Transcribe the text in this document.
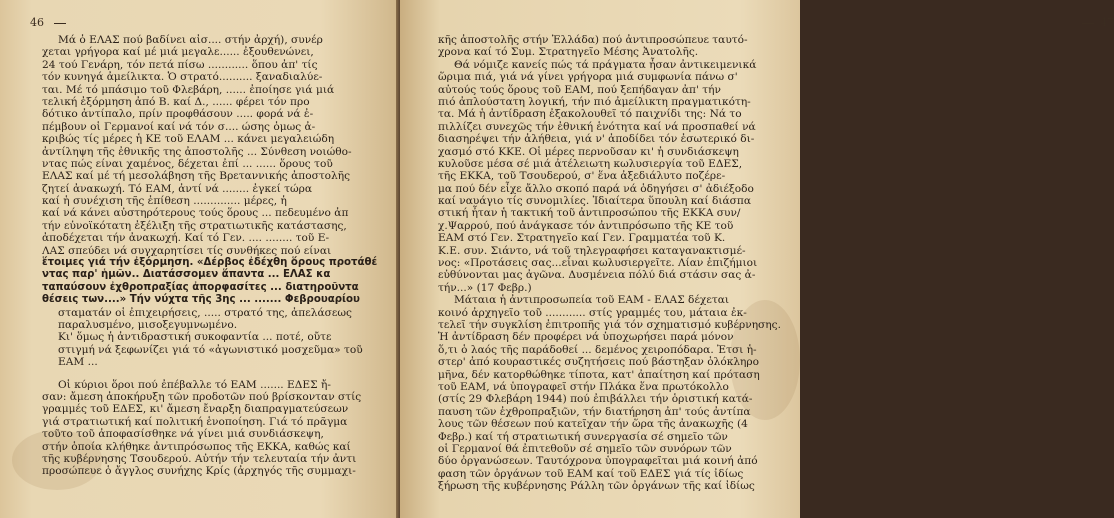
46
Μά ὁ ΕΛΑΣ πού βαδίνει αἰσ.... στήν ἀρχή), συνέρ
χεται γρήγορα καί μέ μιά μεγαλε...... ἐξουθενώνει,
24 τού Γενάρη, τόν πετά πίσω ............ ὅπου ἀπ' τίς
τόν κυνηγά ἀμείλικτα. Ὁ στρατό.......... ξαναδιαλύε-
ται. Μέ τό μπάσιμο τοῦ Φλεβάρη, ...... ἐποίησε γιά μιά
τελική ἐξόρμηση ἀπό Β. καί Δ., ...... φέρει τόν προ
δότικο ἀντίπαλο, πρίν προφθάσουν ..... φορά νά ἐ-
πέμβουν οἱ Γερμανοί καί νά τόν σ.... ώσης ὁμως ἀ-
κριβώς τίς μέρες ἡ ΚΕ τοῦ ΕΛΑΜ ... κάνει μεγαλειώδη
ἀντίληψη τῆς ἐθνικῆς της ἀποστολῆς ... Σύνθεση νοιώθο-
ντας πώς είναι χαμένος, δέχεται ἐπί ... ...... ὅρους τοῦ
ΕΛΑΣ καί μέ τή μεσολάβηση τῆς Βρεταννικής ἀποστολῆς
ζητεί ἀνακωχή. Τό ΕΑΜ, ἀντί νά ........ ἐγκεί τώρα
καί ἡ συνέχιση τῆς ἐπίθεση .............. μέρες, ἡ
καί νά κάνει αὐστηρότερους τούς ὅρους ... πεδευμένο ἀπ
τήν εὐνοϊκότατη ἐξέλιξη τῆς στρατιωτικῆς κατάστασης,
ἀποδέχεται τήν ἀνακωχή. Καί τό Γεν. .... ........ τοῦ Ε-
ΛΑΣ σπεύδει νά συγχαρητίσει τίς συνθήκες πού είναι
ἕτοιμες γιά τήν ἐξόρμηση. «Δέρβος ἐδέχθη ὅρους προτάθέ
ντας παρ' ἡμῶν.. Διατάσσομεν ἅπαντα ... ΕΛΑΣ κα
ταπαύσουν ἐχθροπραξίας ἀπορφασίτες ... διατηροῦντα
θέσεις των....» Τήν νύχτα τῆς 3ης ... ....... Φεβρουαρίου
σταματάν οἱ ἐπιχειρήσεις, ..... στρατό της, ἀπελάσεως
παραλυσμένο, μισοξεγυμνωμένο.
Κι' ὅμως ἡ ἀντιδραστική συκοφαντία ... ποτέ, οὔτε
στιγμή νά ξεφωνίζει γιά τό «ἀγωνιστικό μοσχεῦμα» τοῦ
ΕΑΜ ...
Οἱ κύριοι ὅροι πού ἐπέβαλλε τό ΕΑΜ ....... ΕΔΕΣ ἤ-
σαν: ἄμεση ἀποκήρυξη τῶν προδοτῶν πού βρίσκονταν στίς
γραμμές τοῦ ΕΔΕΣ, κι' ἄμεση ἔναρξη διαπραγματεύσεων
γιά στρατιωτική καί πολιτική ἑνοποίηση. Γιά τό πρᾶγμα
τοῦτο τοῦ ἀποφασίσθηκε νά γίνει μιά συνδιάσκεψη,
στήν ὁποία κλήθηκε ἀντιπρόσωπος τῆς ΕΚΚΑ, καθώς καί
τῆς κυβέρνησης Τσουδερού. Αὐτήν τήν τελευταία τήν ἀντι
προσώπευε ὁ ἄγγλος συνήχης Κρίς (ἀρχηγός τῆς συμμαχι-
47
κῆς ἀποστολῆς στήν Ἑλλάδα) πού ἀντιπροσώπευε ταυτό-
χρονα καί τό Συμ. Στρατηγεῖο Μέσης Ἀνατολῆς.
Θά νόμιζε κανείς πώς τά πράγματα ἦσαν ἀντικειμενικά
ὥριμα πιά, γιά νά γίνει γρήγορα μιά συμφωνία πάνω σ'
αὐτούς τούς ὅρους τοῦ ΕΑΜ, πού ξεπήδαγαν ἀπ' τήν
πιό ἀπλούστατη λογική, τήν πιό ἀμείλικτη πραγματικότη-
τα. Μά ἡ ἀντίδραση ἐξακολουθεῖ τό παιχνίδι της: Νά το
πιλλίζει συνεχῶς τήν ἐθνική ἑνότητα καί νά προσπαθεί νά
διασηρέψει τήν ἀλήθεια, γιά ν' ἀποδίδει τόν ἐσωτερικό δι-
χασμό στό ΚΚΕ. Οἱ μέρες περνοῦσαν κι' ἡ συνδιάσκεψη
κυλοῦσε μέσα σέ μιά ἀτέλειωτη κωλυσιεργία τοῦ ΕΔΕΣ,
τῆς ΕΚΚΑ, τοῦ Τσουδερού, σ' ἕνα ἀξεδιάλυτο ποζέρε-
μα πού δέν εἶχε ἄλλο σκοπό παρά νά ὁδηγήσει σ' ἀδιέξοδο
καί ναυάγιο τίς συνομιλίες. Ἰδιαίτερα ὕπουλη καί διάσπα
στική ἦταν ἡ τακτική τοῦ ἀντιπροσώπου τῆς ΕΚΚΑ συν/
χ.Ψαρρού, πού ἀνάγκασε τόν ἀντιπρόσωπο τῆς ΚΕ τοῦ
ΕΑΜ στό Γεν. Στρατηγεῖο καί Γεν. Γραμματέα τοῦ Κ.
Κ.Ε. συν. Σιάντο, νά τοῦ τηλεγραφήσει καταγανακτισμέ-
νος: «Προτάσεις σας...εἶναι κωλυσιεργεῖτε. Λίαν ἐπιζήμιοι
εὐθύνονται μας ἀγῶνα. Δυσμένεια πόλύ διά στάσιν σας ἀ-
τήν...» (17 Φεβρ.)
Μάταια ἡ ἀντιπροσωπεία τοῦ ΕΑΜ - ΕΛΑΣ δέχεται
κοινό ἀρχηγεῖο τοῦ ............ στίς γραμμές του, μάταια ἐκ-
τελεῖ τήν συγκλίση ἐπιτροπῆς γιά τόν σχηματισμό κυβέρνησης.
Ἡ ἀντίδραση δέν προφέρει νά ὑποχωρήσει παρά μόνον
ὅ,τι ὁ λαός τῆς παράδοθεί ... δεμένος χειροπόδαρα. Ἐτσι ἡ-
στερ' ἀπό κουραστικές συζητήσεις πού βάστηξαν ὁλόκληρο
μῆνα, δέν κατορθώθηκε τίποτα, κατ' ἀπαίτηση καί πρόταση
τοῦ ΕΑΜ, νά ὑπογραφεῖ στήν Πλάκα ἕνα πρωτόκολλο
(στίς 29 Φλεβάρη 1944) πού ἐπιβάλλει τήν ὁριστική κατά-
παυση τῶν ἐχθροπραξιῶν, τήν διατήρηση ἀπ' τούς ἀντίπα
λους τῶν θέσεων πού κατεῖχαν τήν ὥρα τῆς ἀνακωχῆς (4
Φεβρ.) καί τή στρατιωτική συνεργασία σέ σημεῖο τῶν
οἱ Γερμανοί θά ἐπιτεθοῦν σέ σημεῖο τῶν συνόρων τῶν
δύο ὀργανώσεων. Ταυτόχρονα ὑπογραφεῖται μιά κοινή ἀπό
φαση τῶν ὀργάνων τοῦ ΕΑΜ καί τοῦ ΕΔΕΣ γιά τίς ἰδίως
ξήρωση τῆς κυβέρνησης Ράλλη τῶν ὀργάνων τῆς καί ἰδίως
